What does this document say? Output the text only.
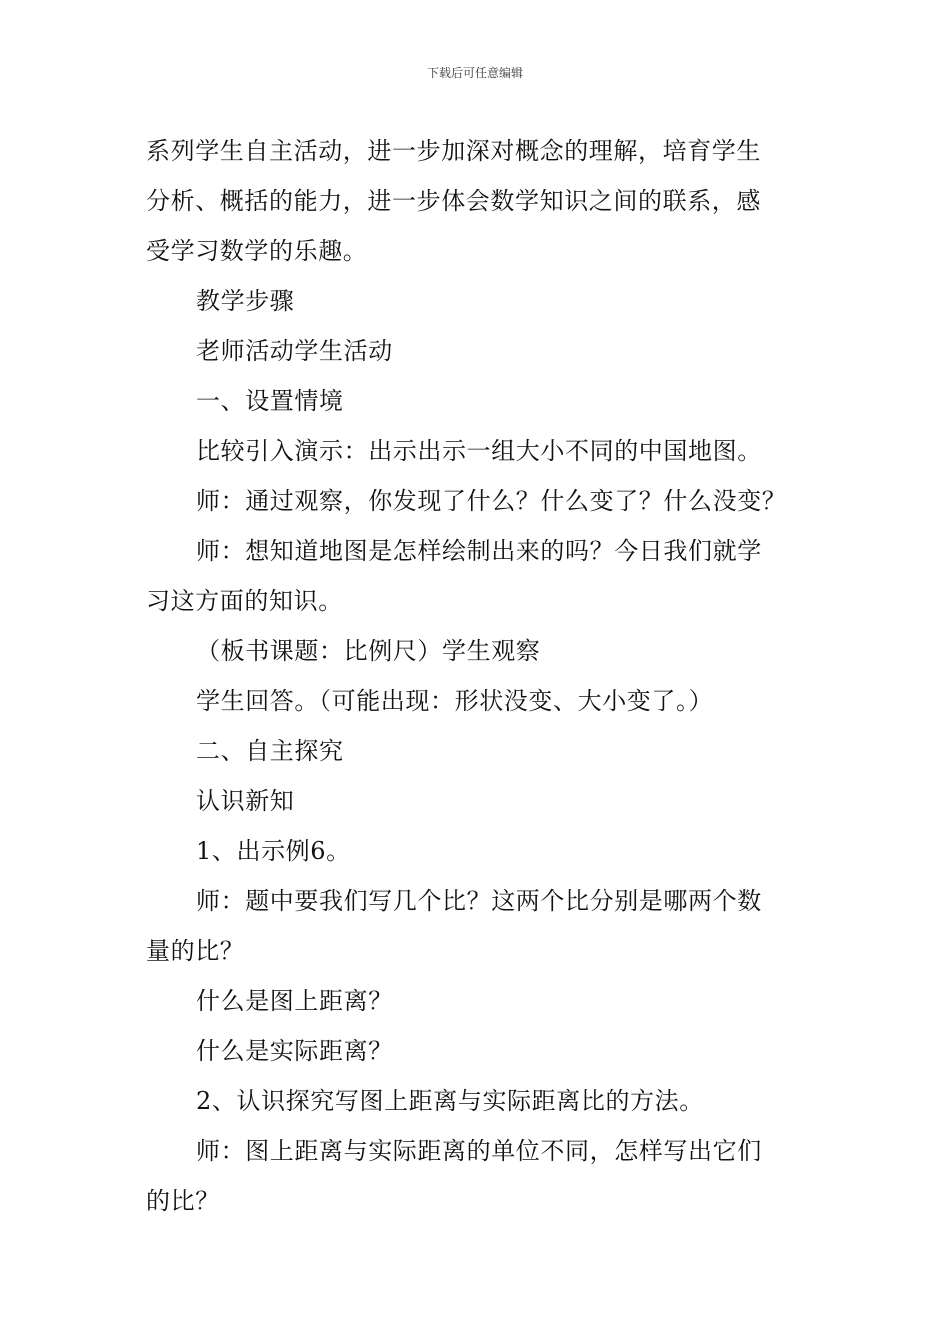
下载后可任意编辑
系列学生自主活动，进一步加深对概念的理解，培育学生
分析、概括的能力，进一步体会数学知识之间的联系，感
受学习数学的乐趣。
教学步骤
老师活动学生活动
一、设置情境
比较引入演示：出示出示一组大小不同的中国地图。
师：通过观察，你发现了什么？什么变了？什么没变？
师：想知道地图是怎样绘制出来的吗？今日我们就学
习这方面的知识。
（板书课题：比例尺）学生观察
学生回答。（可能出现：形状没变、大小变了。）
二、自主探究
认识新知
1、出示例6。
师：题中要我们写几个比？这两个比分别是哪两个数
量的比？
什么是图上距离？
什么是实际距离？
2、认识探究写图上距离与实际距离比的方法。
师：图上距离与实际距离的单位不同，怎样写出它们
的比？
